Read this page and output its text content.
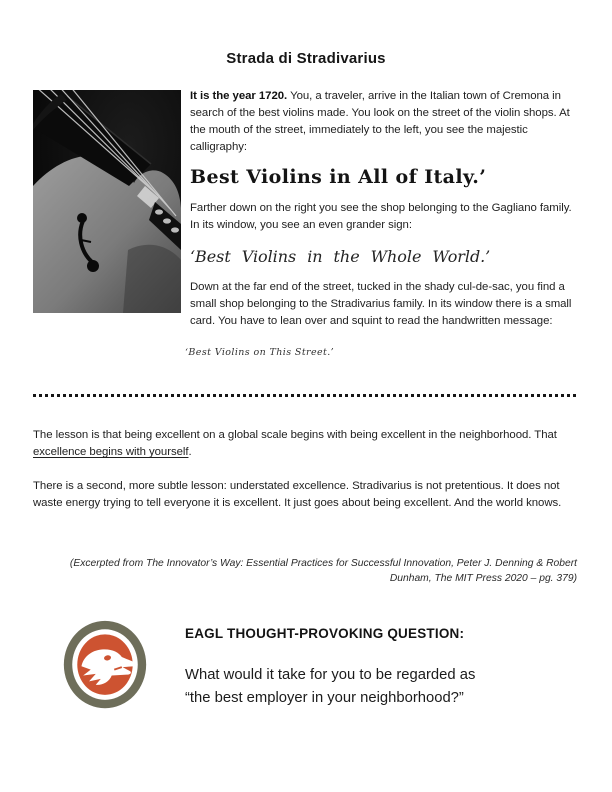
Strada di Stradivarius

It is the year 1720. You, a traveler, arrive in the Italian town of Cremona in search of the best violins made. You look on the street of the violin shops. At the mouth of the street, immediately to the left, you see the majestic calligraphy:

Best Violins in All of Italy.’

Farther down on the right you see the shop belonging to the Gagliano family. In its window, you see an even grander sign:

‘Best Violins in the Whole World.’

Down at the far end of the street, tucked in the shady cul-de-sac, you find a small shop belonging to the Stradivarius family. In its window there is a small card. You have to lean over and squint to read the handwritten message:

‘Best Violins on This Street.’

The lesson is that being excellent on a global scale begins with being excellent in the neighborhood. That excellence begins with yourself.

There is a second, more subtle lesson: understated excellence. Stradivarius is not pretentious. It does not waste energy trying to tell everyone it is excellent. It just goes about being excellent. And the world knows.

(Excerpted from The Innovator’s Way: Essential Practices for Successful Innovation, Peter J. Denning & Robert Dunham, The MIT Press 2020 – pg. 379)
EAGL THOUGHT-PROVOKING QUESTION:
What would it take for you to be regarded as
“the best employer in your neighborhood?”
